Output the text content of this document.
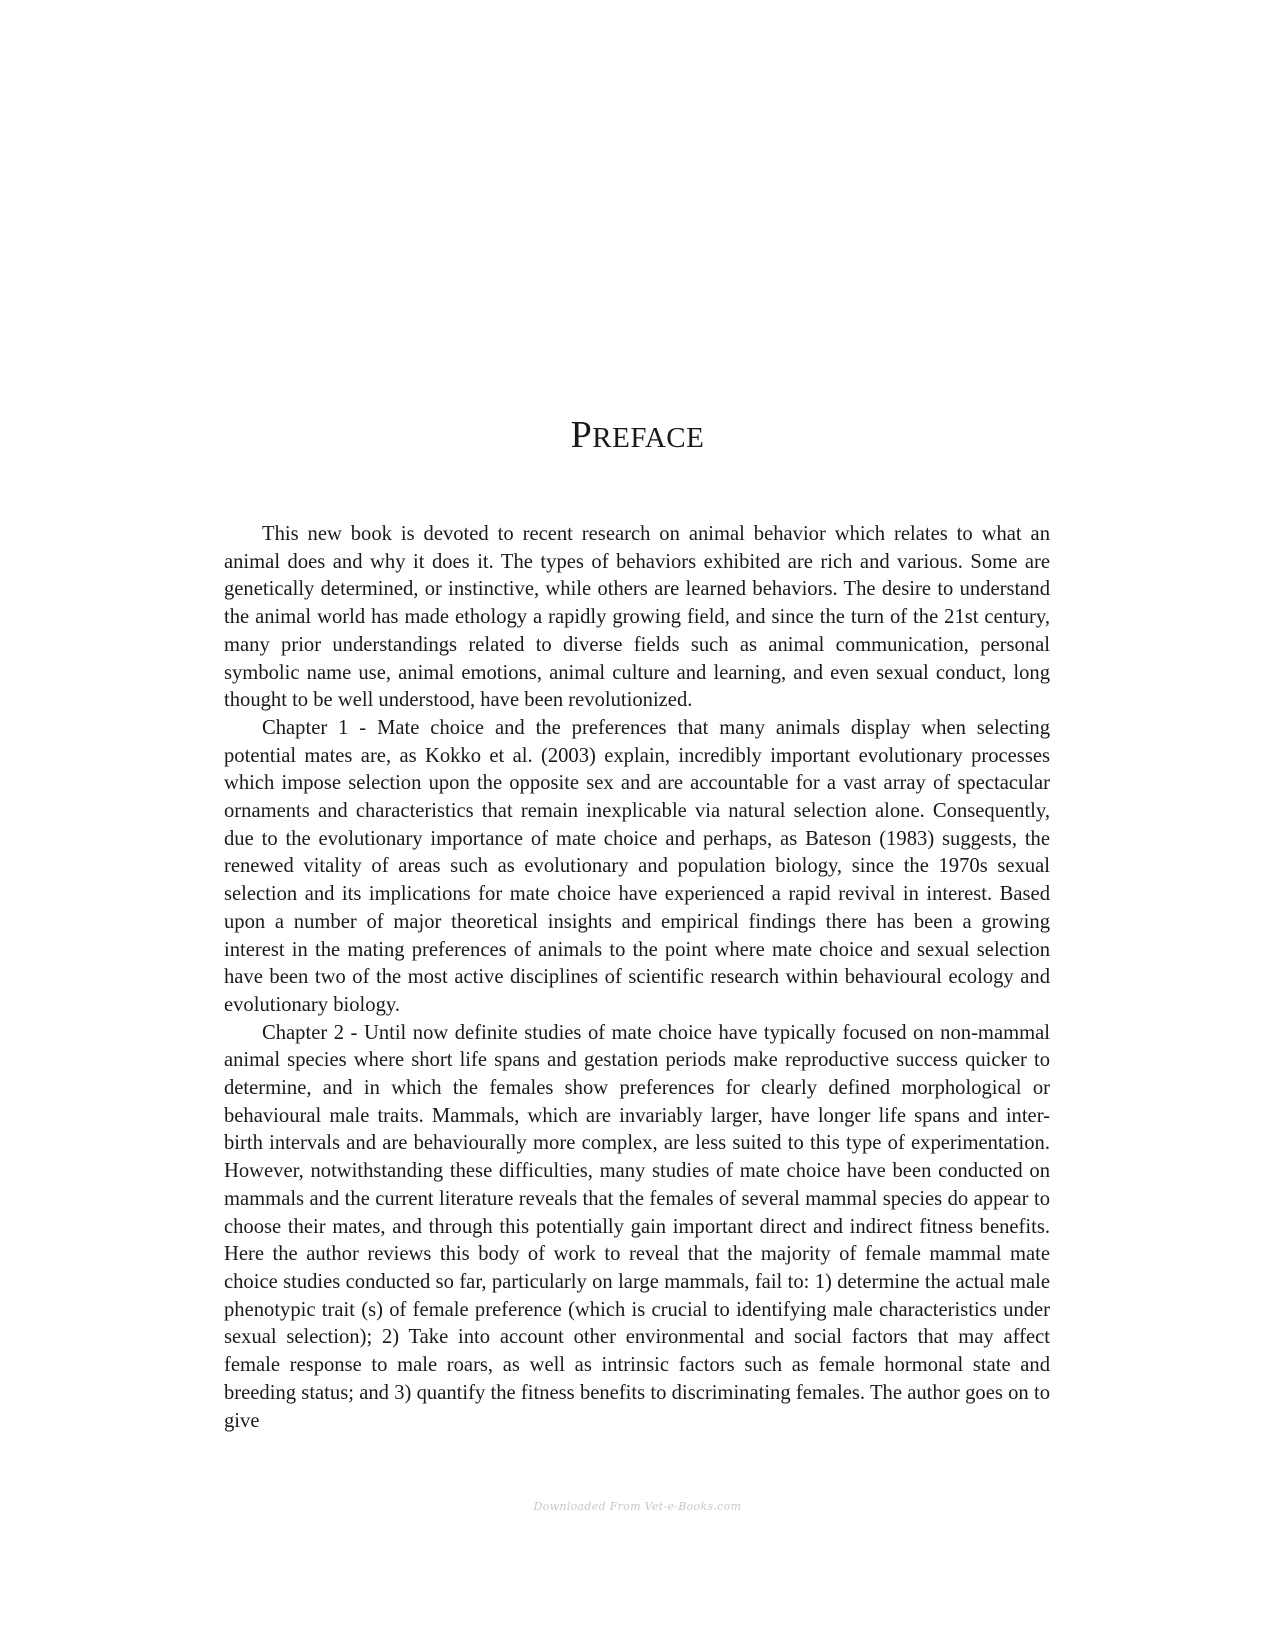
PREFACE

This new book is devoted to recent research on animal behavior which relates to what an animal does and why it does it. The types of behaviors exhibited are rich and various. Some are genetically determined, or instinctive, while others are learned behaviors. The desire to understand the animal world has made ethology a rapidly growing field, and since the turn of the 21st century, many prior understandings related to diverse fields such as animal communication, personal symbolic name use, animal emotions, animal culture and learning, and even sexual conduct, long thought to be well understood, have been revolutionized.

Chapter 1 - Mate choice and the preferences that many animals display when selecting potential mates are, as Kokko et al. (2003) explain, incredibly important evolutionary processes which impose selection upon the opposite sex and are accountable for a vast array of spectacular ornaments and characteristics that remain inexplicable via natural selection alone. Consequently, due to the evolutionary importance of mate choice and perhaps, as Bateson (1983) suggests, the renewed vitality of areas such as evolutionary and population biology, since the 1970s sexual selection and its implications for mate choice have experienced a rapid revival in interest. Based upon a number of major theoretical insights and empirical findings there has been a growing interest in the mating preferences of animals to the point where mate choice and sexual selection have been two of the most active disciplines of scientific research within behavioural ecology and evolutionary biology.

Chapter 2 - Until now definite studies of mate choice have typically focused on non-mammal animal species where short life spans and gestation periods make reproductive success quicker to determine, and in which the females show preferences for clearly defined morphological or behavioural male traits. Mammals, which are invariably larger, have longer life spans and inter-birth intervals and are behaviourally more complex, are less suited to this type of experimentation. However, notwithstanding these difficulties, many studies of mate choice have been conducted on mammals and the current literature reveals that the females of several mammal species do appear to choose their mates, and through this potentially gain important direct and indirect fitness benefits. Here the author reviews this body of work to reveal that the majority of female mammal mate choice studies conducted so far, particularly on large mammals, fail to: 1) determine the actual male phenotypic trait (s) of female preference (which is crucial to identifying male characteristics under sexual selection); 2) Take into account other environmental and social factors that may affect female response to male roars, as well as intrinsic factors such as female hormonal state and breeding status; and 3) quantify the fitness benefits to discriminating females. The author goes on to give

Downloaded From Vet-e-Books.com
